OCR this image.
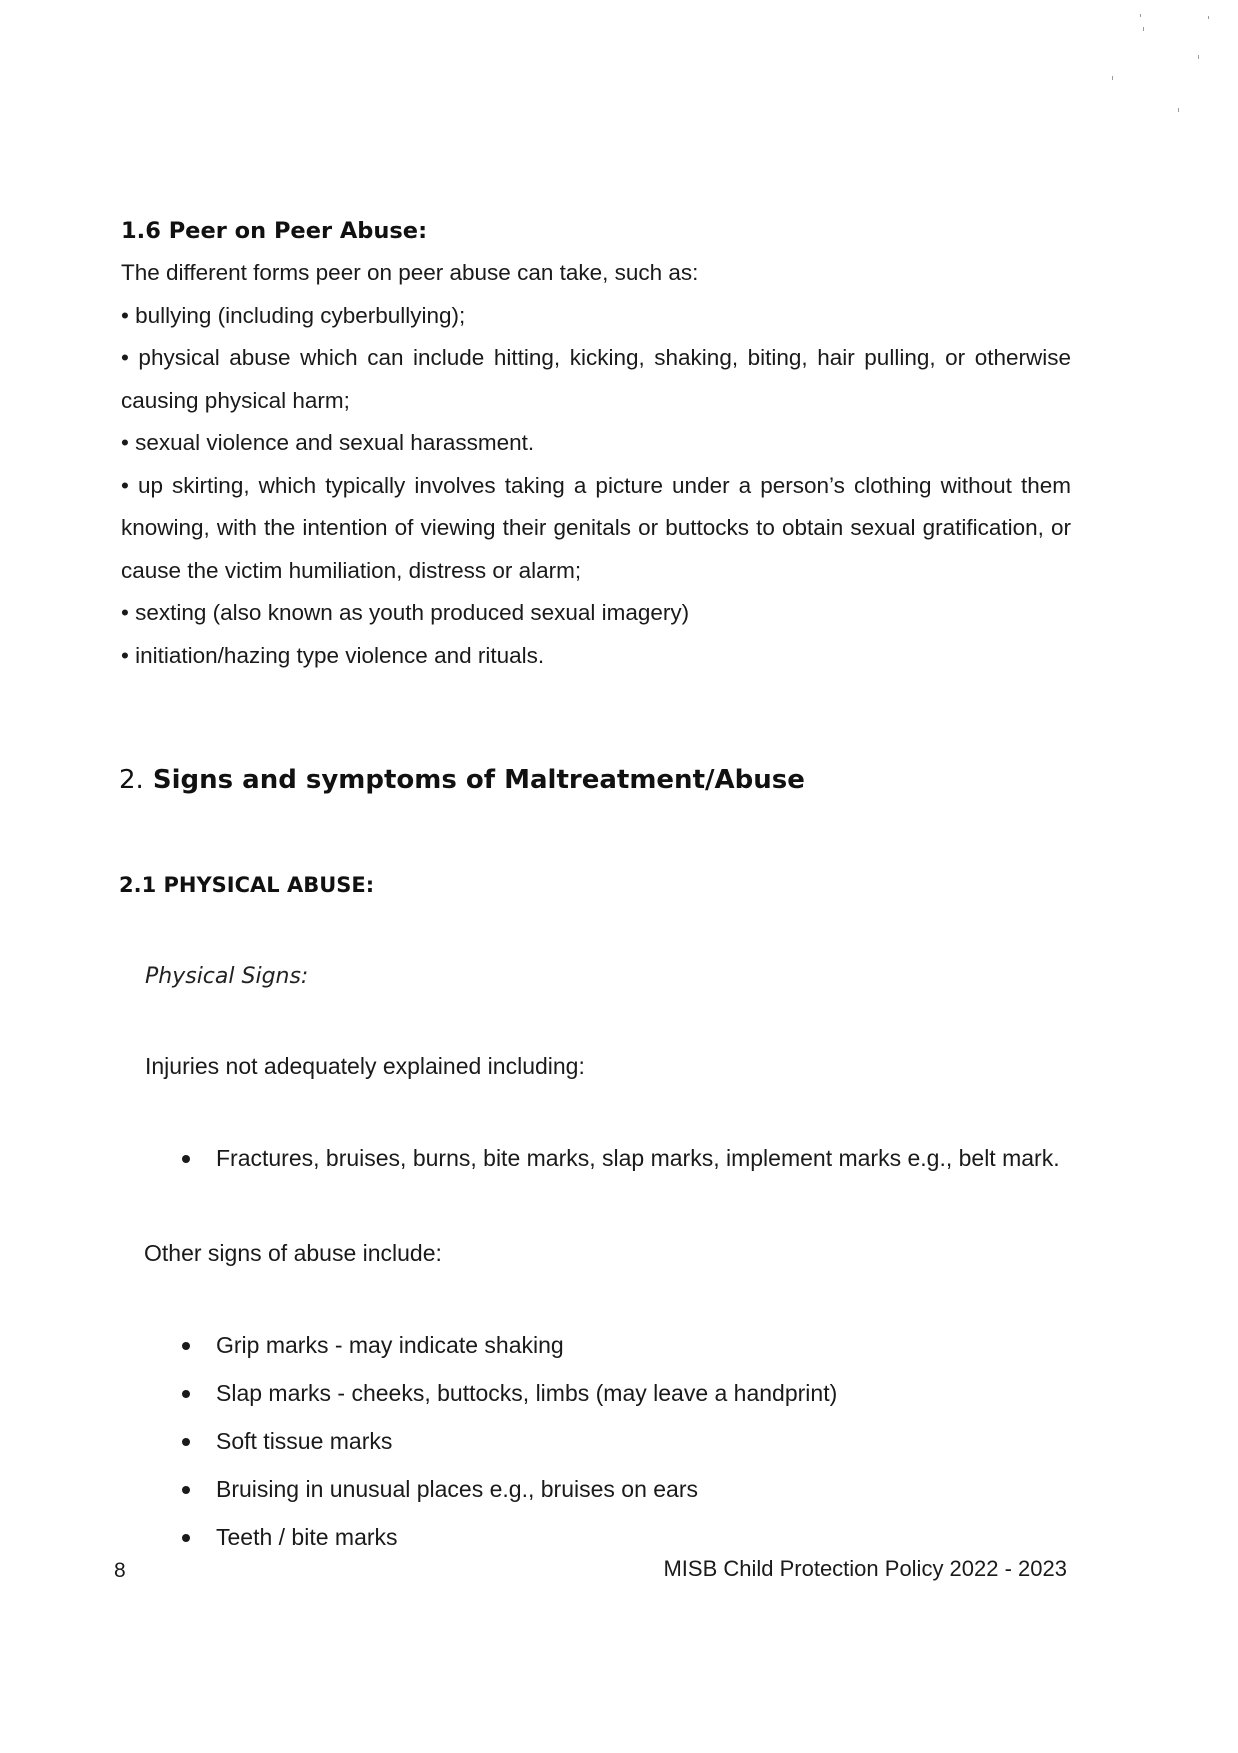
1.6 Peer on Peer Abuse:

The different forms peer on peer abuse can take, such as:

• bullying (including cyberbullying);

• physical abuse which can include hitting, kicking, shaking, biting, hair pulling, or otherwise causing physical harm;

• sexual violence and sexual harassment.

• up skirting, which typically involves taking a picture under a person’s clothing without them knowing, with the intention of viewing their genitals or buttocks to obtain sexual gratification, or cause the victim humiliation, distress or alarm;

• sexting (also known as youth produced sexual imagery)

• initiation/hazing type violence and rituals.

2. Signs and symptoms of Maltreatment/Abuse
2.1 PHYSICAL ABUSE:
Physical Signs:
Injuries not adequately explained including:
Fractures, bruises, burns, bite marks, slap marks, implement marks e.g., belt mark.
Other signs of abuse include:
Grip marks - may indicate shaking
Slap marks - cheeks, buttocks, limbs (may leave a handprint)
Soft tissue marks
Bruising in unusual places e.g., bruises on ears
Teeth / bite marks
8	MISB Child Protection Policy 2022 - 2023
